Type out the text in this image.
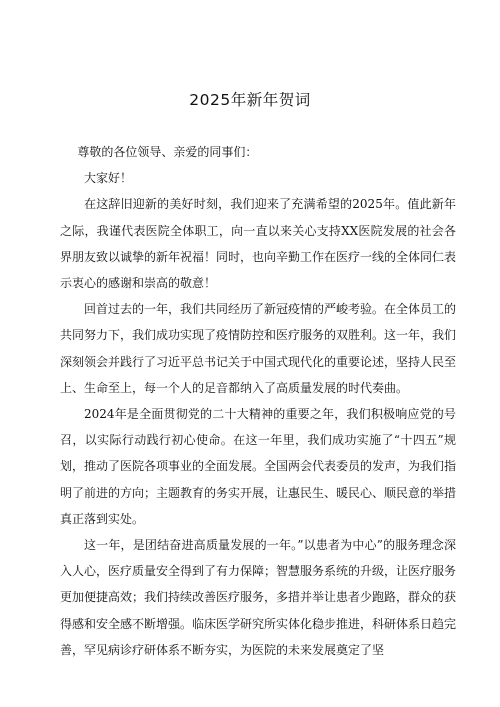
2025年新年贺词

尊敬的各位领导、亲爱的同事们：

大家好！

在这辞旧迎新的美好时刻，我们迎来了充满希望的2025年。值此新年之际，我谨代表医院全体职工，向一直以来关心支持XX医院发展的社会各界朋友致以诚挚的新年祝福！同时，也向辛勤工作在医疗一线的全体同仁表示衷心的感谢和崇高的敬意！

回首过去的一年，我们共同经历了新冠疫情的严峻考验。在全体员工的共同努力下，我们成功实现了疫情防控和医疗服务的双胜利。这一年，我们深刻领会并践行了习近平总书记关于中国式现代化的重要论述，坚持人民至上、生命至上，每一个人的足音都纳入了高质量发展的时代奏曲。

2024年是全面贯彻党的二十大精神的重要之年，我们积极响应党的号召，以实际行动践行初心使命。在这一年里，我们成功实施了“十四五”规划，推动了医院各项事业的全面发展。全国两会代表委员的发声，为我们指明了前进的方向；主题教育的务实开展，让惠民生、暖民心、顺民意的举措真正落到实处。

这一年，是团结奋进高质量发展的一年。”以患者为中心”的服务理念深入人心，医疗质量安全得到了有力保障；智慧服务系统的升级，让医疗服务更加便捷高效；我们持续改善医疗服务，多措并举让患者少跑路，群众的获得感和安全感不断增强。临床医学研究所实体化稳步推进，科研体系日趋完善，罕见病诊疗研体系不断夯实，为医院的未来发展奠定了坚
